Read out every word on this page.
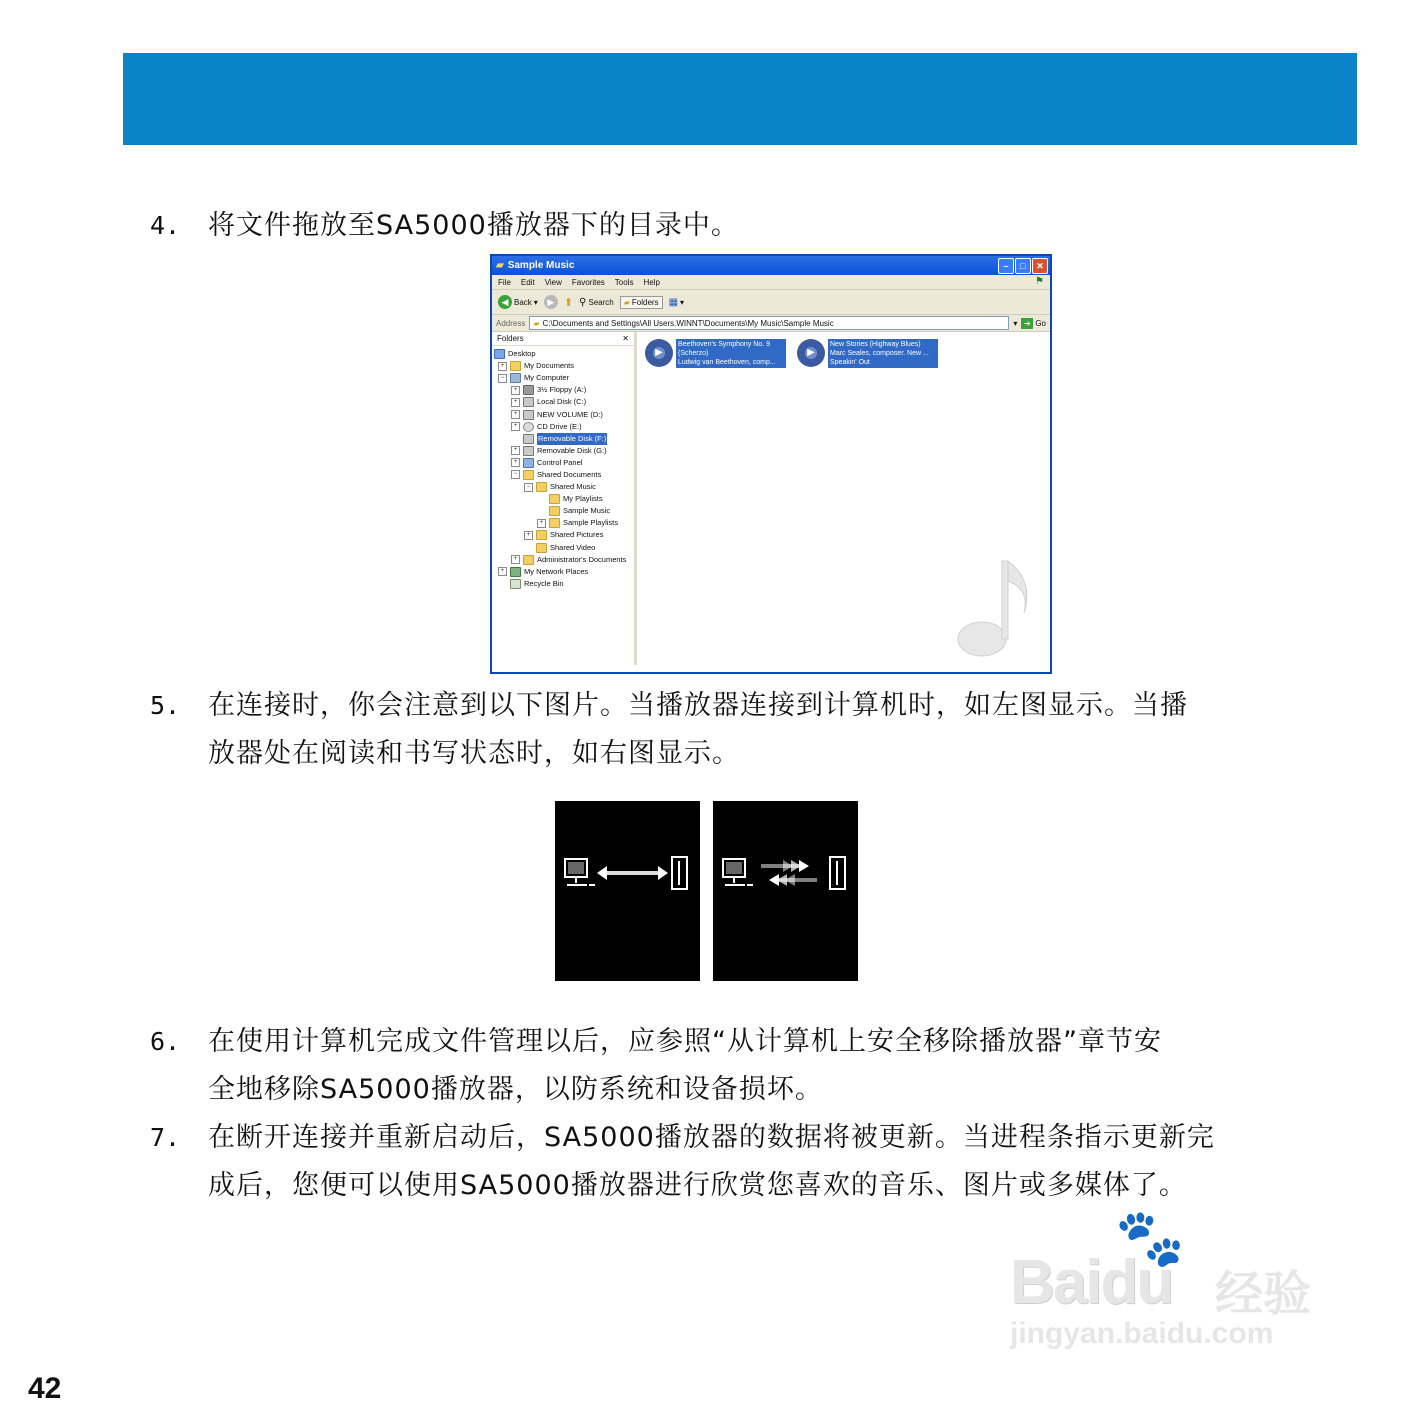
4. 将文件拖放至SA5000播放器下的目录中。
▰ Sample Music	–	□	✕
File Edit View Favorites Tools Help	⚑
◀ Back ▾	▶ ⬆ ⚲ Search ▰ Folders ▦ ▾
Address ▰ C:\Documents and Settings\All Users.WINNT\Documents\My Music\Sample Music	▾ ➔ Go
Folders	✕
Desktop
+	My Documents
−	My Computer
+	3½ Floppy (A:)
+	Local Disk (C:)
+	NEW VOLUME (D:)
+	CD Drive (E:)
Removable Disk (F:)
+	Removable Disk (G:)
+	Control Panel
−	Shared Documents
−	Shared Music
My Playlists
Sample Music
+	Sample Playlists
+	Shared Pictures
Shared Video
+	Administrator's Documents
+	My Network Places
Recycle Bin
▶
Beethoven's Symphony No. 9
(Scherzo)
Ludwig van Beethoven, comp...
▶
New Stories (Highway Blues)
Marc Seales, composer. New ...
Speakin' Out
5. 在连接时，你会注意到以下图片。当播放器连接到计算机时，如左图显示。当播
放器处在阅读和书写状态时，如右图显示。
6. 在使用计算机完成文件管理以后，应参照“从计算机上安全移除播放器”章节安
全地移除SA5000播放器，以防系统和设备损坏。
7. 在断开连接并重新启动后，SA5000播放器的数据将被更新。当进程条指示更新完
成后，您便可以使用SA5000播放器进行欣赏您喜欢的音乐、图片或多媒体了。
🐾
Baidu 经验
jingyan.baidu.com
42
